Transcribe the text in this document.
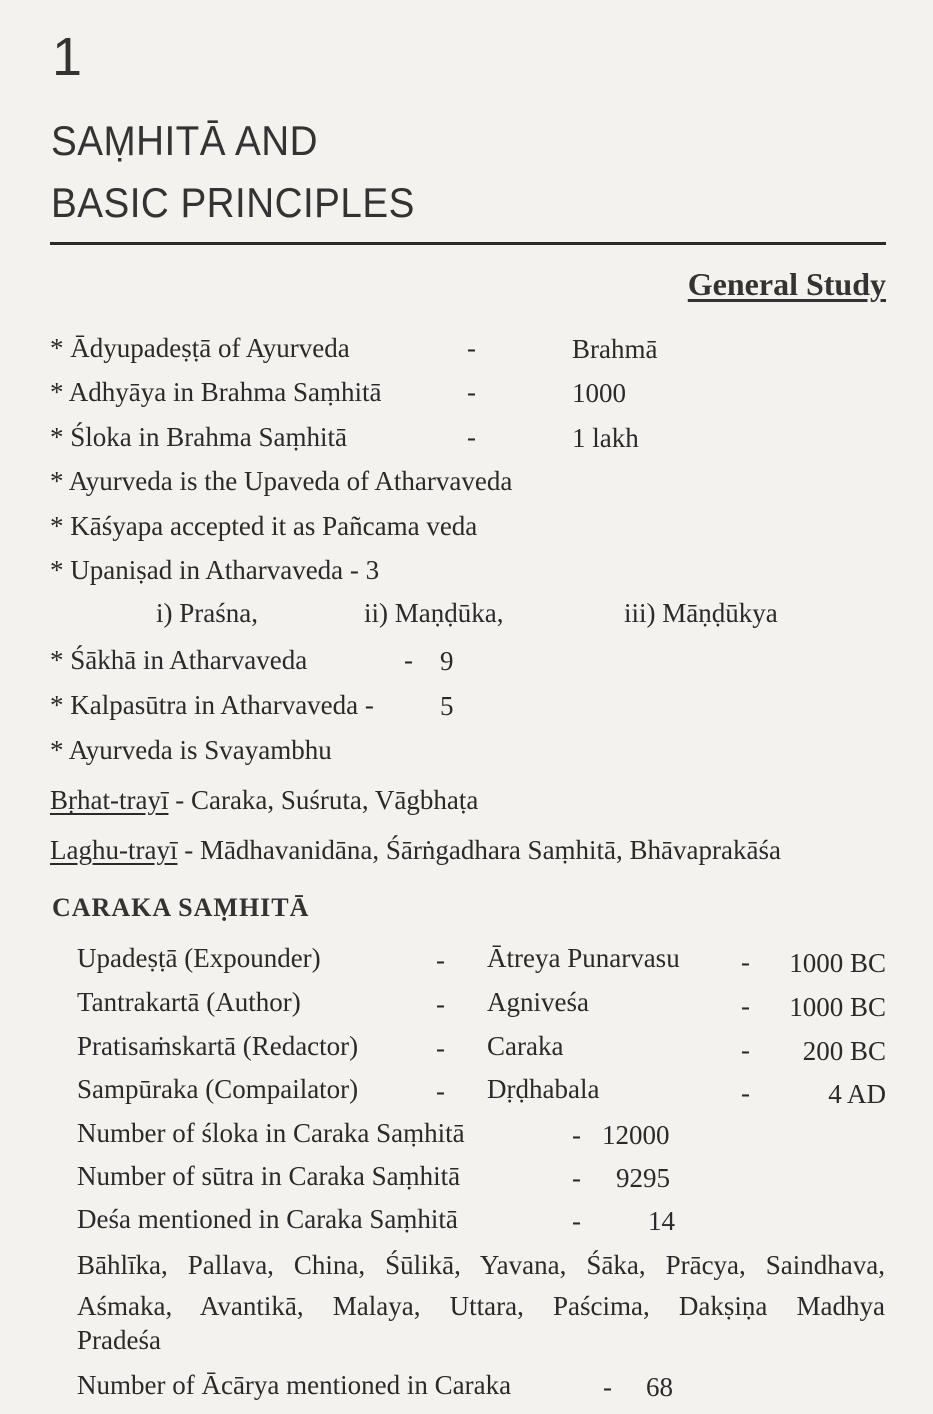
1
SAṂHITĀ AND
BASIC PRINCIPLES
General Study
* Ādyupadeṣṭā of Ayurveda	-	Brahmā
* Adhyāya in Brahma Saṃhitā	-	1000
* Śloka in Brahma Saṃhitā	-	1 lakh
* Ayurveda is the Upaveda of Atharvaveda
* Kāśyapa accepted it as Pañcama veda
* Upaniṣad in Atharvaveda - 3
i) Praśna,	ii) Maṇḍūka,	iii) Māṇḍūkya
* Śākhā in Atharvaveda	- 9
* Kalpasūtra in Atharvaveda - 5
* Ayurveda is Svayambhu
Bṛhat-trayī - Caraka, Suśruta, Vāgbhaṭa
Laghu-trayī - Mādhavanidāna, Śārṅgadhara Saṃhitā, Bhāvaprakāśa
CARAKA SAṂHITĀ
Upadeṣṭā (Expounder)	- Ātreya Punarvasu - 1000 BC
Tantrakartā (Author)	- Agniveśa	- 1000 BC
Pratisaṁskartā (Redactor)	- Caraka	- 200 BC
Sampūraka (Compailator)	- Dṛḍhabala	-	4 AD
Number of śloka in Caraka Saṃhitā	- 12000
Number of sūtra in Caraka Saṃhitā	- 9295
Deśa mentioned in Caraka Saṃhitā	- 14
Bāhlīka, Pallava, China, Śūlikā, Yavana, Śāka, Prācya, Saindhava,
Aśmaka, Avantikā, Malaya, Uttara, Paścima, Dakṣiṇa Madhya
Pradeśa
Number of Ācārya mentioned in Caraka	- 68
